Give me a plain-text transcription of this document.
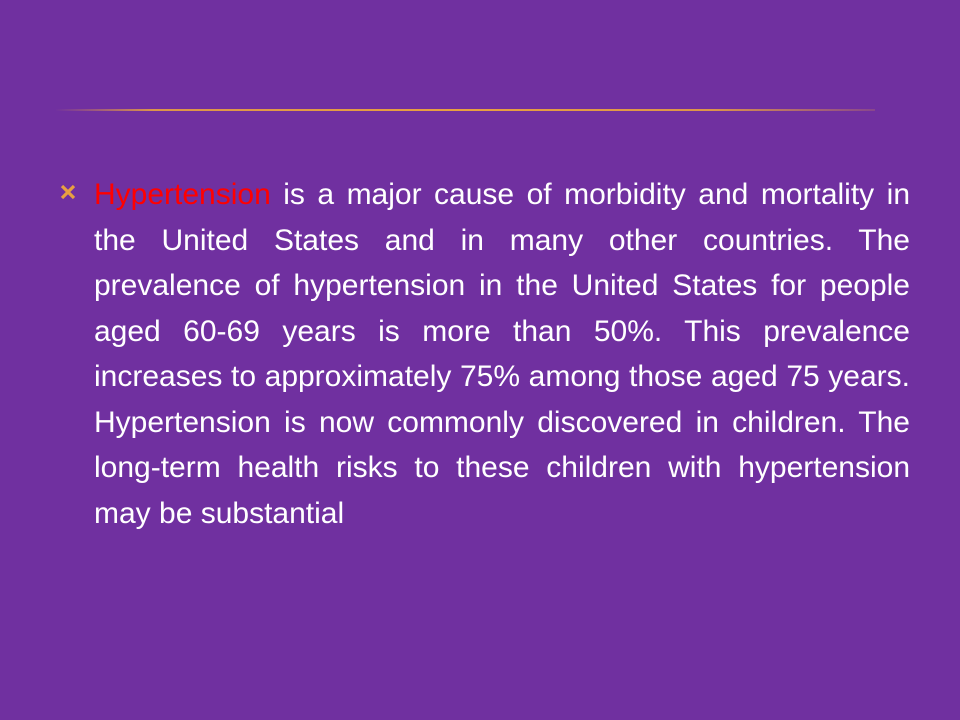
Hypertension is a major cause of morbidity and mortality in the United States and in many other countries. The prevalence of hypertension in the United States for people aged 60-69 years is more than 50%. This prevalence increases to approximately 75% among those aged 75 years. Hypertension is now commonly discovered in children. The long-term health risks to these children with hypertension may be substantial
